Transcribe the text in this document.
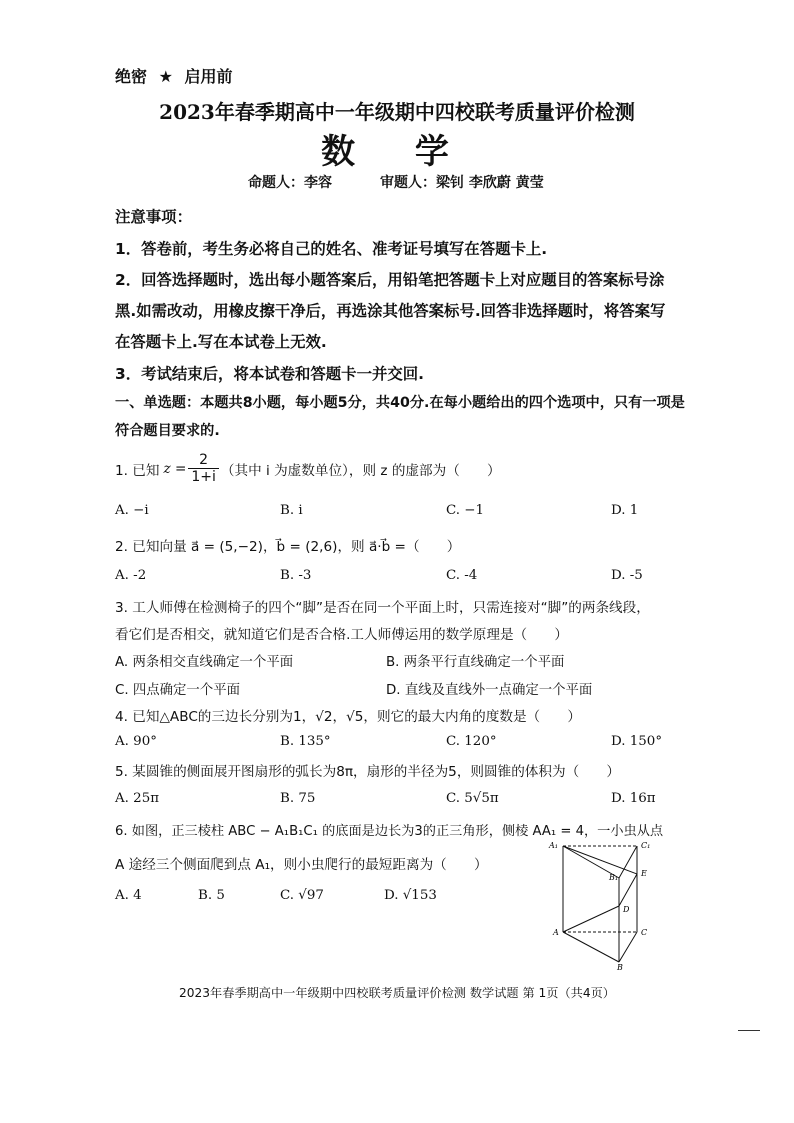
绝密 ★ 启用前
2023年春季期高中一年级期中四校联考质量评价检测
数 学
命题人：李容	审题人：梁钊 李欣蔚 黄莹
注意事项：
1．答卷前，考生务必将自己的姓名、准考证号填写在答题卡上.
2．回答选择题时，选出每小题答案后，用铅笔把答题卡上对应题目的答案标号涂
黑.如需改动，用橡皮擦干净后，再选涂其他答案标号.回答非选择题时，将答案写
在答题卡上.写在本试卷上无效.
3．考试结束后，将本试卷和答题卡一并交回.
一、单选题：本题共8小题，每小题5分，共40分.在每小题给出的四个选项中，只有一项是
符合题目要求的.
1. 已知 $z = \frac{2}{1+i}$ （其中 i 为虚数单位），则 z 的虚部为（　　）
A. −i	B. i	C. −1	D. 1
2. 已知向量 a⃗ = (5,−2)，b⃗ = (2,6)，则 a⃗·b⃗ =（　　）
A. -2	B. -3	C. -4	D. -5
3. 工人师傅在检测椅子的四个“脚”是否在同一个平面上时，只需连接对“脚”的两条线段，
看它们是否相交，就知道它们是否合格.工人师傅运用的数学原理是（　　）
A. 两条相交直线确定一个平面	B. 两条平行直线确定一个平面
C. 四点确定一个平面	D. 直线及直线外一点确定一个平面
4. 已知△ABC的三边长分别为1，√2，√5，则它的最大内角的度数是（　　）
A. 90°	B. 135°	C. 120°	D. 150°
5. 某圆锥的侧面展开图扇形的弧长为8π，扇形的半径为5，则圆锥的体积为（　　）
A. 25π	B. 75	C. 5√5π	D. 16π
6. 如图，正三棱柱 ABC − A₁B₁C₁ 的底面是边长为3的正三角形，侧棱 AA₁ = 4，一小虫从点
A 途经三个侧面爬到点 A₁，则小虫爬行的最短距离为（　　）
A. 4	B. 5	C. √97	D. √153
A₁	C₁
B₁	E
D
A	C
B
2023年春季期高中一年级期中四校联考质量评价检测 数学试题 第 1页（共4页）
